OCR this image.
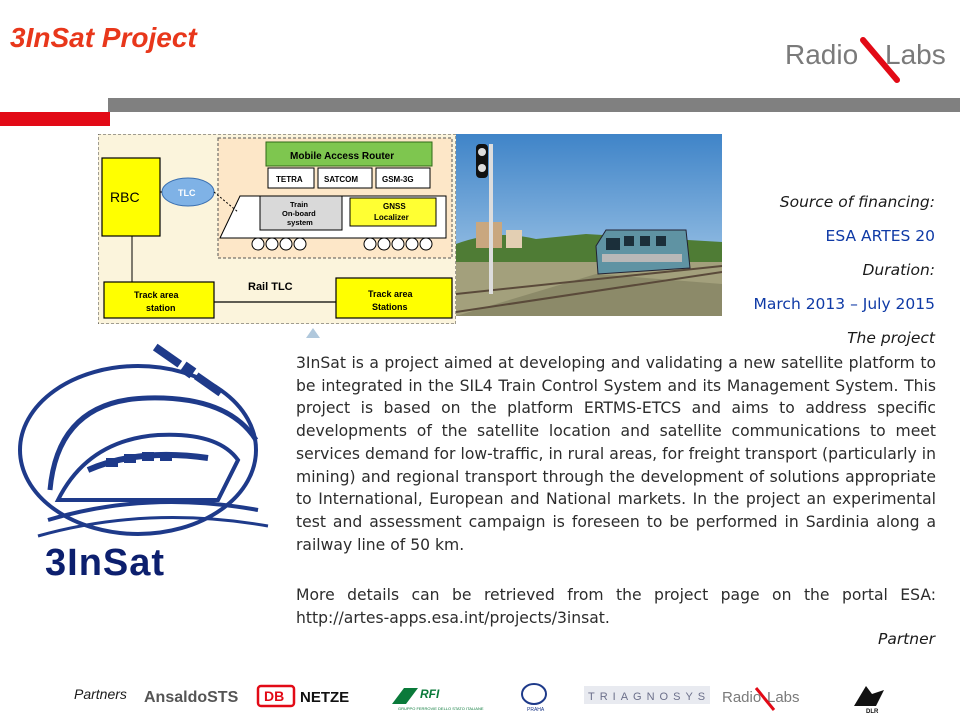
3InSat Project
Radio Labs
RBC	TLC
Mobile Access Router
TETRA	SATCOM	GSM-3G
Train
On-board
system
GNSS
Localizer
Rail TLC
Track area
station
Track area
Stations
Source of financing:
ESA ARTES 20
Duration:
March 2013 – July 2015
The project
3InSat

3InSat is a project aimed at developing and validating a new satellite platform to be integrated in the SIL4 Train Control System and its Management System. This project is based on the platform ERTMS-ETCS and aims to address specific developments of the satellite location and satellite communications to meet services demand for low-traffic, in rural areas, for freight transport (particularly in mining) and regional transport through the development of solutions appropriate to International, European and National markets. In the project an experimental test and assessment campaign is foreseen to be performed in Sardinia along a railway line of 50 km.

More details can be retrieved from the project page on the portal ESA: http://artes-apps.esa.int/projects/3insat.
Partner
Partners AnsaldoSTS DB NETZE	RFI
GRUPPO FERROVIE DELLO STATO ITALIANE	PRAHA
TRIAGNOSYS Radio Labs
DLR
